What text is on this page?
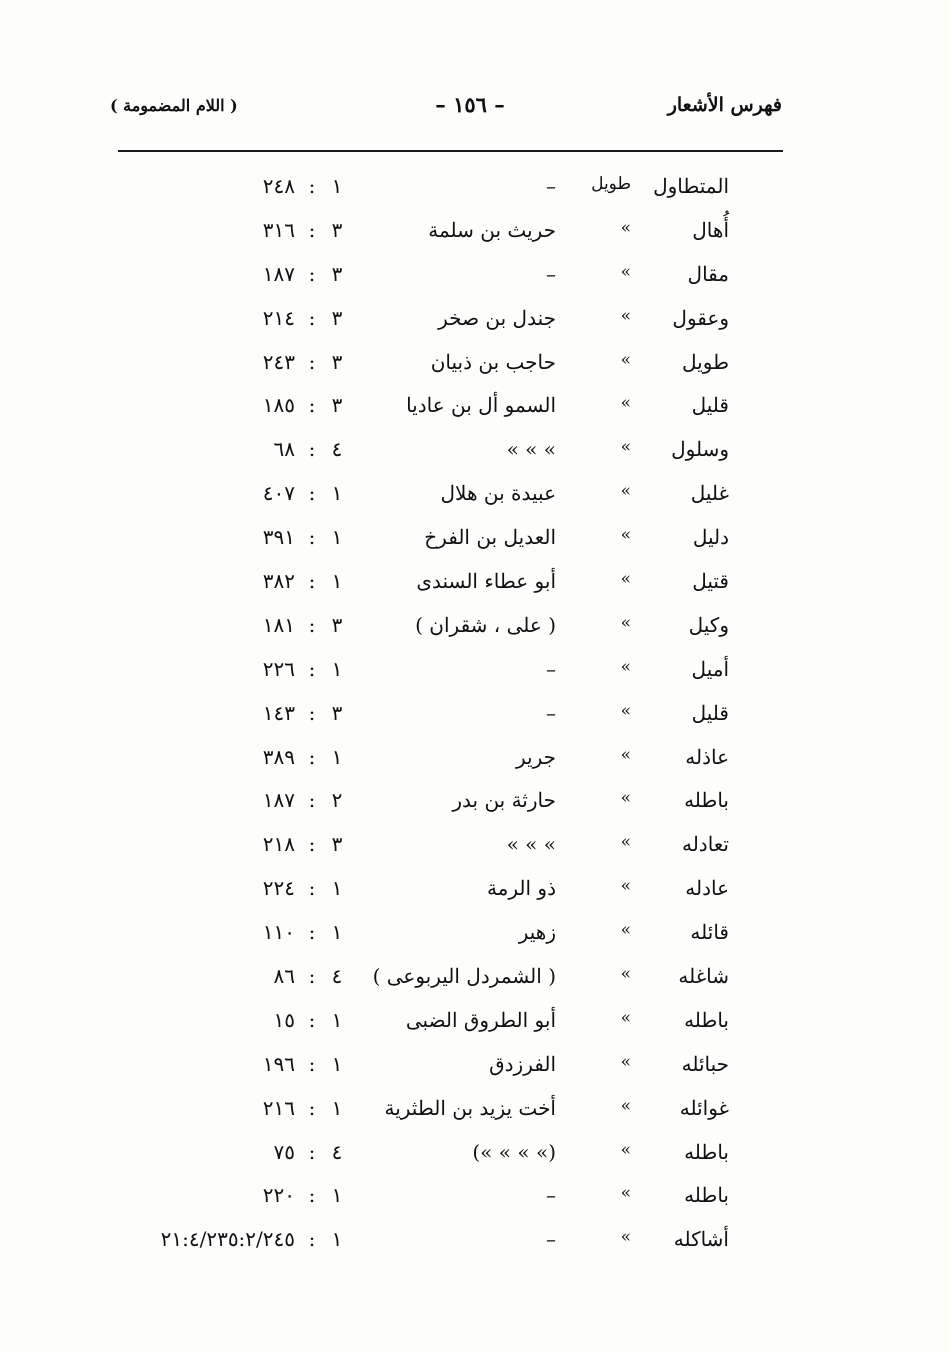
فهرس الأشعار
– ١٥٦ –
( اللام المضمومة )
المتطاول
طويل
–
١
:
٢٤٨
أُهال
»
حريث بن سلمة
٣
:
٣١٦
مقال
»
–
٣
:
١٨٧
وعقول
»
جندل بن صخر
٣
:
٢١٤
طويل
»
حاجب بن ذبيان
٣
:
٢٤٣
قليل
»
السمو أل بن عاديا
٣
:
١٨٥
وسلول
»
» » »
٤
:
٦٨
غليل
»
عبيدة بن هلال
١
:
٤٠٧
دليل
»
العديل بن الفرخ
١
:
٣٩١
قتيل
»
أبو عطاء السندى
١
:
٣٨٢
وكيل
»
( على ، شقران )
٣
:
١٨١
أميل
»
–
١
:
٢٢٦
قليل
»
–
٣
:
١٤٣
عاذله
»
جرير
١
:
٣٨٩
باطله
»
حارثة بن بدر
٢
:
١٨٧
تعادله
»
» » »
٣
:
٢١٨
عادله
»
ذو الرمة
١
:
٢٢٤
قائله
»
زهير
١
:
١١٠
شاغله
»
( الشمردل اليربوعى )
٤
:
٨٦
باطله
»
أبو الطروق الضبى
١
:
١٥
حبائله
»
الفرزدق
١
:
١٩٦
غوائله
»
أخت يزيد بن الطثرية
١
:
٢١٦
باطله
»
(» » » »)
٤
:
٧٥
باطله
»
–
١
:
٢٢٠
أشاكله
»
–
١
:
٢١:٤/٢٣٥:٢/٢٤٥
